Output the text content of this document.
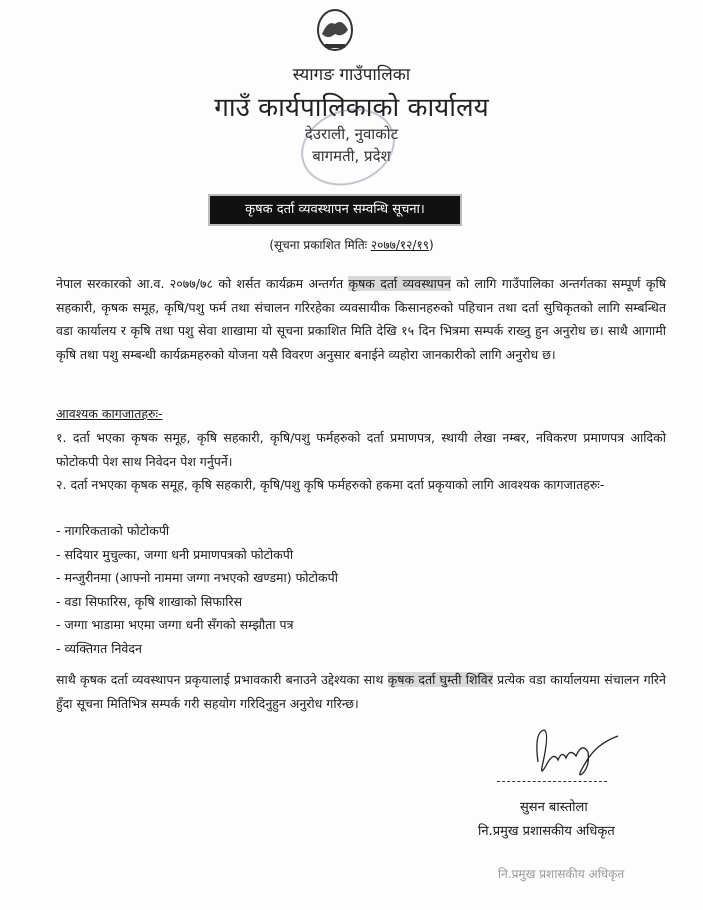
स्यागङ गाउँपालिका
गाउँ कार्यपालिकाको कार्यालय
देउराली, नुवाकोट
बागमती, प्रदेश
कृषक दर्ता व्यवस्थापन सम्वन्धि सूचना।
(सूचना प्रकाशित मितिः २०७७/१२/१९)
नेपाल सरकारको आ.व. २०७७/७८ को शर्सत कार्यक्रम अन्तर्गत कृषक दर्ता व्यवस्थापन को लागि गाउँपालिका अन्तर्गतका सम्पूर्ण कृषि सहकारी, कृषक समूह, कृषि/पशु फर्म तथा संचालन गरिरहेका व्यवसायीक किसानहरुको पहिचान तथा दर्ता सुचिकृतको लागि सम्बन्धित वडा कार्यालय र कृषि तथा पशु सेवा शाखामा यो सूचना प्रकाशित मिति देखि १५ दिन भित्रमा सम्पर्क राख्नु हुन अनुरोध छ। साथै आगामी कृषि तथा पशु सम्बन्धी कार्यक्रमहरुको योजना यसै विवरण अनुसार बनाईने व्यहोरा जानकारीको लागि अनुरोध छ।
आवश्यक कागजातहरुः-
१. दर्ता भएका कृषक समूह, कृषि सहकारी, कृषि/पशु फर्महरुको दर्ता प्रमाणपत्र, स्थायी लेखा नम्बर, नविकरण प्रमाणपत्र आदिको फोटोकपी पेश साथ निवेदन पेश गर्नुपर्ने।
२. दर्ता नभएका कृषक समूह, कृषि सहकारी, कृषि/पशु कृषि फर्महरुको हकमा दर्ता प्रकृयाको लागि आवश्यक कागजातहरुः-
- नागरिकताको फोटोकपी
- सदियार मुचुल्का, जग्गा धनी प्रमाणपत्रको फोटोकपी
- मन्जुरीनमा (आफ्नो नाममा जग्गा नभएको खण्डमा) फोटोकपी
- वडा सिफारिस, कृषि शाखाको सिफारिस
- जग्गा भाडामा भएमा जग्गा धनी सँगको सम्झौता पत्र
- व्यक्तिगत निवेदन
साथै कृषक दर्ता व्यवस्थापन प्रकृयालाई प्रभावकारी बनाउने उद्देश्यका साथ कृषक दर्ता घुम्ती शिविर प्रत्येक वडा कार्यालयमा संचालन गरिने हुँदा सूचना मितिभित्र सम्पर्क गरी सहयोग गरिदिनुहुन अनुरोध गरिन्छ।
सुसन बास्तोला
नि.प्रमुख प्रशासकीय अधिकृत
नि.प्रमुख प्रशासकीय अधिकृत
